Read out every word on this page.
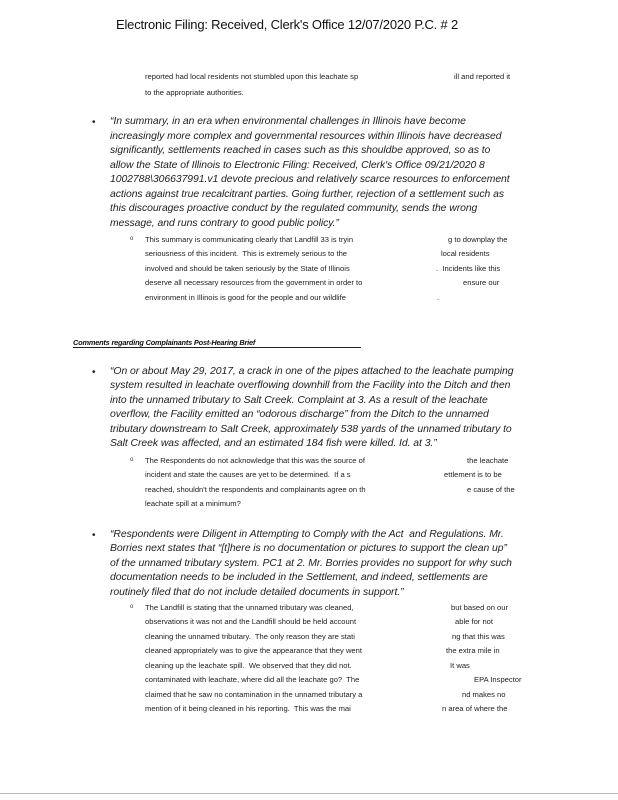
Electronic Filing: Received, Clerk's Office 12/07/2020 P.C. # 2
reported had local residents not stumbled upon this leachate sp	ill and reported it
to the appropriate authorities.
• “In summary, in an era when environmental challenges in Illinois have become
increasingly more complex and governmental resources within Illinois have decreased
significantly, settlements reached in cases such as this shouldbe approved, so as to
allow the State of Illinois to Electronic Filing: Received, Clerk's Office 09/21/2020 8
1002788\306637991.v1 devote precious and relatively scarce resources to enforcement
actions against true recalcitrant parties. Going further, rejection of a settlement such as
this discourages proactive conduct by the regulated community, sends the wrong
message, and runs contrary to good public policy.”
o This summary is communicating clearly that Landfill 33 is tryin	g to downplay the
seriousness of this incident.  This is extremely serious to the	local residents
involved and should be taken seriously by the State of Illinois	.  Incidents like this
deserve all necessary resources from the government in order to	ensure our
environment in Illinois is good for the people and our wildlife	.
Comments regarding Complainants Post-Hearing Brief
• “On or about May 29, 2017, a crack in one of the pipes attached to the leachate pumping
system resulted in leachate overflowing downhill from the Facility into the Ditch and then
into the unnamed tributary to Salt Creek. Complaint at 3. As a result of the leachate
overflow, the Facility emitted an “odorous discharge” from the Ditch to the unnamed
tributary downstream to Salt Creek, approximately 538 yards of the unnamed tributary to
Salt Creek was affected, and an estimated 184 fish were killed. Id. at 3.”
o The Respondents do not acknowledge that this was the source of	the leachate
incident and state the causes are yet to be determined.  If a s	ettlement is to be
reached, shouldn't the respondents and complainants agree on th	e cause of the
leachate spill at a minimum?
• “Respondents were Diligent in Attempting to Comply with the Act  and Regulations. Mr.
Borries next states that “[t]here is no documentation or pictures to support the clean up”
of the unnamed tributary system. PC1 at 2. Mr. Borries provides no support for why such
documentation needs to be included in the Settlement, and indeed, settlements are
routinely filed that do not include detailed documents in support.”
o The Landfill is stating that the unnamed tributary was cleaned,	but based on our
observations it was not and the Landfill should be held account	able for not
cleaning the unnamed tributary.  The only reason they are stati	ng that this was
cleaned appropriately was to give the appearance that they went	the extra mile in
cleaning up the leachate spill.  We observed that they did not.	It was
contaminated with leachate, where did all the leachate go?  The	EPA Inspector
claimed that he saw no contamination in the unnamed tributary a	nd makes no
mention of it being cleaned in his reporting.  This was the mai	n area of where the
